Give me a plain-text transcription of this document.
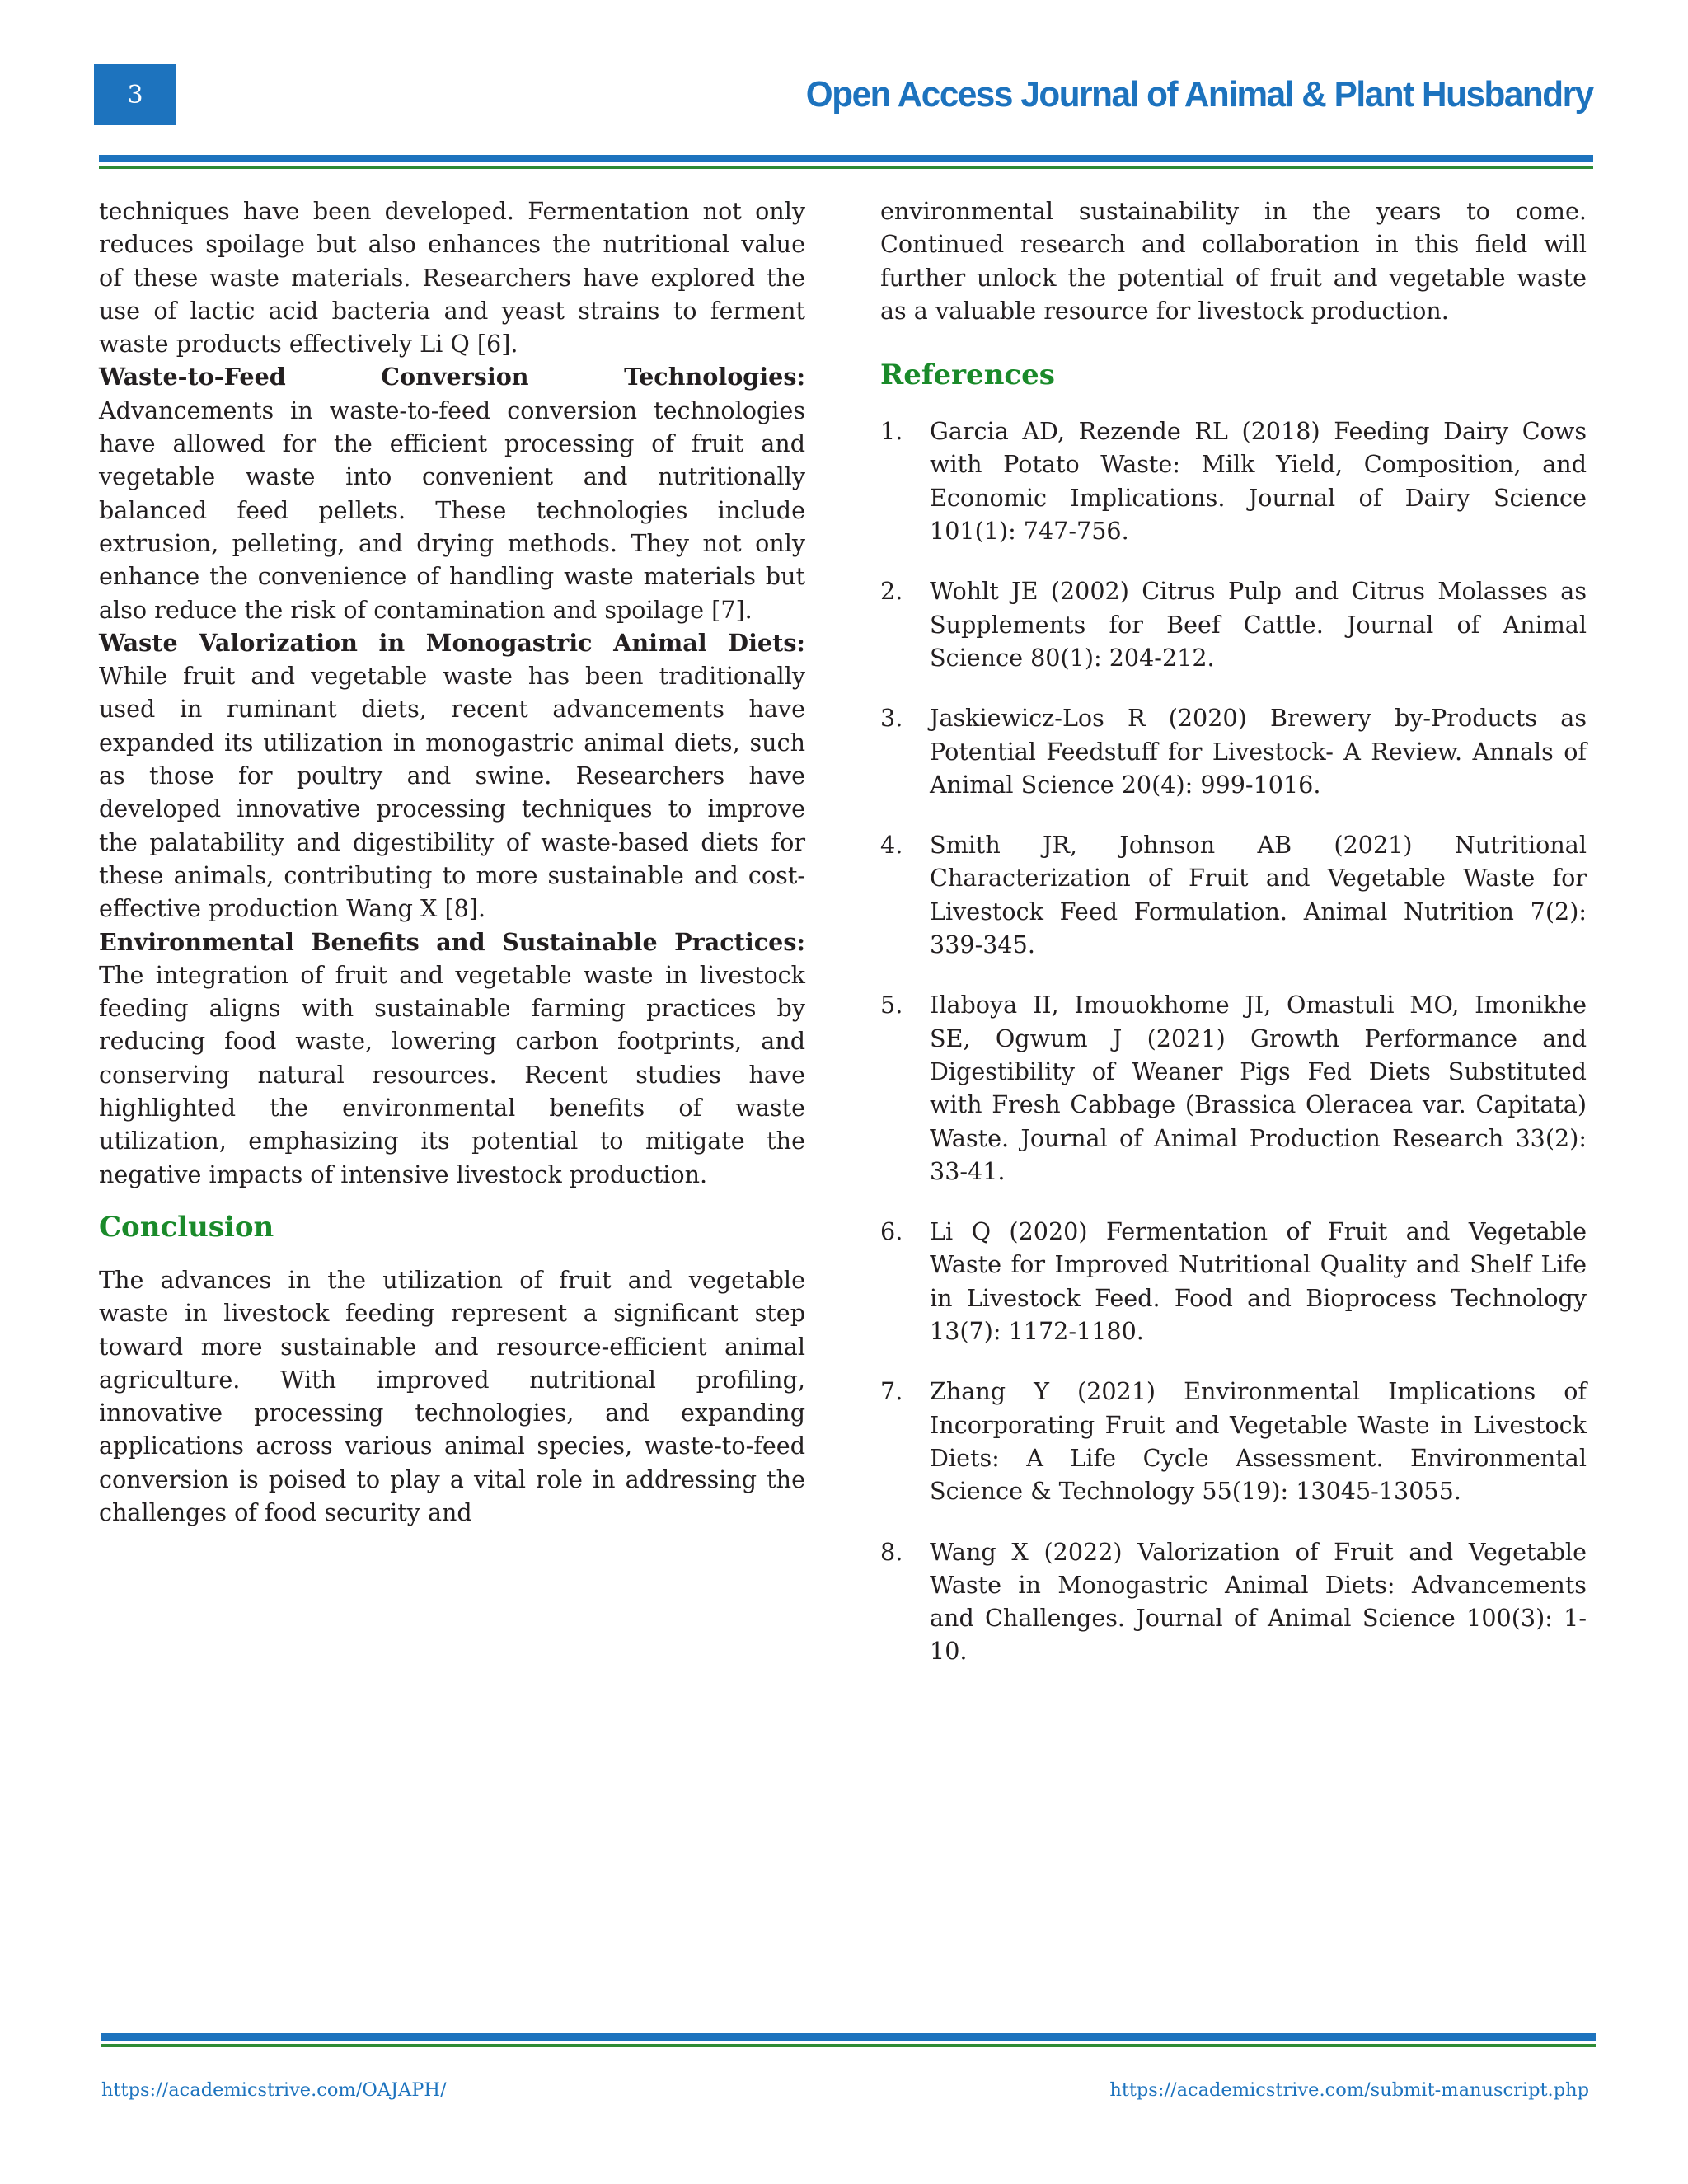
3	Open Access Journal of Animal & Plant Husbandry

techniques have been developed. Fermentation not only reduces spoilage but also enhances the nutritional value of these waste materials. Researchers have explored the use of lactic acid bacteria and yeast strains to ferment waste products effectively Li Q [6].

Waste-to-Feed Conversion Technologies: Advancements in waste-to-feed conversion technologies have allowed for the efficient processing of fruit and vegetable waste into convenient and nutritionally balanced feed pellets. These technologies include extrusion, pelleting, and drying methods. They not only enhance the convenience of handling waste materials but also reduce the risk of contamination and spoilage [7].

Waste Valorization in Monogastric Animal Diets: While fruit and vegetable waste has been traditionally used in ruminant diets, recent advancements have expanded its utilization in monogastric animal diets, such as those for poultry and swine. Researchers have developed innovative processing techniques to improve the palatability and digestibility of waste-based diets for these animals, contributing to more sustainable and cost-effective production Wang X [8].

Environmental Benefits and Sustainable Practices: The integration of fruit and vegetable waste in livestock feeding aligns with sustainable farming practices by reducing food waste, lowering carbon footprints, and conserving natural resources. Recent studies have highlighted the environmental benefits of waste utilization, emphasizing its potential to mitigate the negative impacts of intensive livestock production.

Conclusion

The advances in the utilization of fruit and vegetable waste in livestock feeding represent a significant step toward more sustainable and resource-efficient animal agriculture. With improved nutritional profiling, innovative processing technologies, and expanding applications across various animal species, waste-to-feed conversion is poised to play a vital role in addressing the challenges of food security and

environmental sustainability in the years to come. Continued research and collaboration in this field will further unlock the potential of fruit and vegetable waste as a valuable resource for livestock production.

References
1.	Garcia AD, Rezende RL (2018) Feeding Dairy Cows with Potato Waste: Milk Yield, Composition, and Economic Implications. Journal of Dairy Science 101(1): 747-756.
2.	Wohlt JE (2002) Citrus Pulp and Citrus Molasses as Supplements for Beef Cattle. Journal of Animal Science 80(1): 204-212.
3.	Jaskiewicz-Los R (2020) Brewery by-Products as Potential Feedstuff for Livestock- A Review. Annals of Animal Science 20(4): 999-1016.
4.	Smith JR, Johnson AB (2021) Nutritional Characterization of Fruit and Vegetable Waste for Livestock Feed Formulation. Animal Nutrition 7(2): 339-345.
5.	Ilaboya II, Imouokhome JI, Omastuli MO, Imonikhe SE, Ogwum J (2021) Growth Performance and Digestibility of Weaner Pigs Fed Diets Substituted with Fresh Cabbage (Brassica Oleracea var. Capitata) Waste. Journal of Animal Production Research 33(2): 33-41.
6.	Li Q (2020) Fermentation of Fruit and Vegetable Waste for Improved Nutritional Quality and Shelf Life in Livestock Feed. Food and Bioprocess Technology 13(7): 1172-1180.
7.	Zhang Y (2021) Environmental Implications of Incorporating Fruit and Vegetable Waste in Livestock Diets: A Life Cycle Assessment. Environmental Science & Technology 55(19): 13045-13055.
8.	Wang X (2022) Valorization of Fruit and Vegetable Waste in Monogastric Animal Diets: Advancements and Challenges. Journal of Animal Science 100(3): 1-10.
https://academicstrive.com/OAJAPH/	https://academicstrive.com/submit-manuscript.php
